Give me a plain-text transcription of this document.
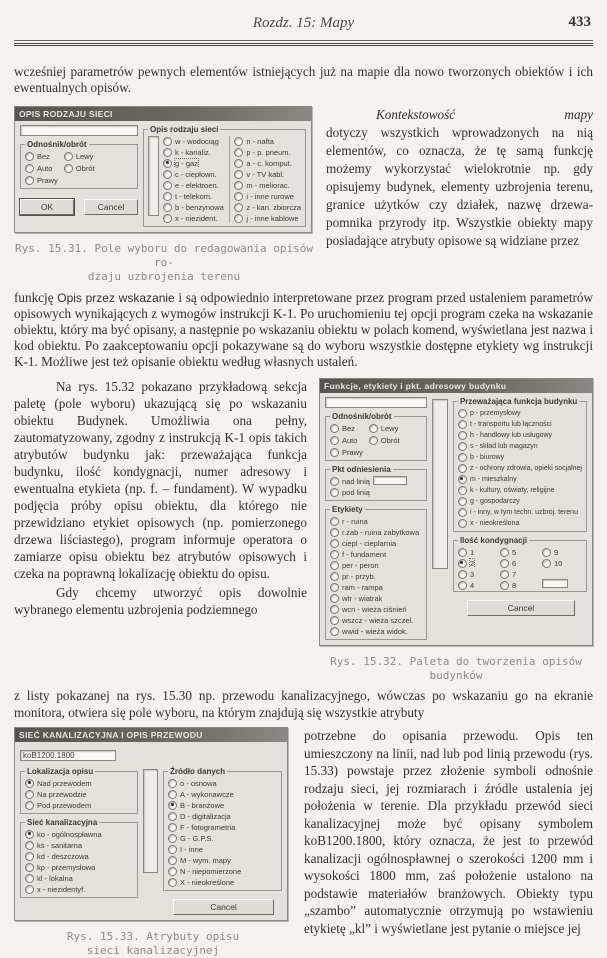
Rozdz. 15: Mapy	433

wcześniej parametrów pewnych elementów istniejących już na mapie dla nowo tworzonych obiektów i ich ewentualnych opisów.

OPIS RODZAJU SIECI
Odnośnik/obrót
Bez
Auto
Prawy
Lewy
Obrót
OK	Cancel
Opis rodzaju sieci
w - wodociąg
k - kanaliz.
g - gaz
c - ciepłown.
e - elektroen.
t - telekom.
b - benzynowa
x - niezident.
n - nafta
p - p. pneum.
a - c. komput.
v - TV kabl.
m - meliorac.
i - inne rurowe
z - kan. zbiorcza
j - inne kablowe
Rys. 15.31. Pole wyboru do redagowania opisów ro-
dzaju uzbrojenia terenu
Kontekstowość mapy dotyczy wszystkich wprowadzonych na nią elementów, co oznacza, że tę samą funkcję możemy wykorzystać wielokrotnie np. gdy opisujemy budynek, elementy uzbrojenia terenu, granice użytków czy działek, nazwę drzewa-pomnika przyrody itp. Wszystkie obiekty mapy posiadające atrybuty opisowe są widziane przez

funkcję Opis przez wskazanie i są odpowiednio interpretowane przez program przed ustaleniem parametrów opisowych wynikających z wymogów instrukcji K-1. Po uruchomieniu tej opcji program czeka na wskazanie obiektu, który ma być opisany, a następnie po wskazaniu obiektu w polach komend, wyświetlana jest nazwa i kod obiektu. Po zaakceptowaniu opcji pokazywane są do wyboru wszystkie dostępne etykiety wg instrukcji K-1. Możliwe jest też opisanie obiektu według własnych ustaleń.

Na rys. 15.32 pokazano przykładową sekcja paletę (pole wyboru) ukazującą się po wskazaniu obiektu Budynek. Umożliwia ona pełny, zautomatyzowany, zgodny z instrukcją K-1 opis takich atrybutów budynku jak: przeważająca funkcja budynku, ilość kondygnacji, numer adresowy i ewentualna etykieta (np. f. – fundament). W wypadku podjęcia próby opisu obiektu, dla którego nie przewidziano etykiet opisowych (np. pomierzonego drzewa liściastego), program informuje operatora o zamiarze opisu obiektu bez atrybutów opisowych i czeka na poprawną lokalizację obiektu do opisu.

Gdy chcemy utworzyć opis dowolnie wybranego elementu uzbrojenia podziemnego

Funkcje, etykiety i pkt. adresowy budynku
Odnośnik/obrót
Bez
Auto
Prawy
Lewy
Obrót
Pkt odniesienia
nad linią
pod linią
Etykiety
r - ruina
r.zab - ruina zabytkowa
ciepl - cieplarnia
f - fundament
per - peron
pr - przyb.
ram - rampa
wtr - wiatrak
wcn - wieża ciśnień
wszcz - wieża szczel.
wwid - wieża widok.
Przeważająca funkcja budynku
p - przemysłowy
t - transportu lub łączności
h - handlowy lub usługowy
s - skład lub magazyn
b - biurowy
z - ochrony zdrowia, opieki socjalnej
m - mieszkalny
k - kultury, oświaty, religijne
g - gospodarczy
i - inny, w tym techn. uzbroj. terenu
x - nieokreślona
Ilość kondygnacji
1
2
3
4
5
6
7
8
9
10
Cancel
Rys. 15.32. Paleta do tworzenia opisów
budynków

z listy pokazanej na rys. 15.30 np. przewodu kanalizacyjnego, wówczas po wskazaniu go na ekranie monitora, otwiera się pole wyboru, na którym znajdują się wszystkie atrybuty

SIEĆ KANALIZACYJNA I OPIS PRZEWODU
koB1200.1800
Lokalizacja opisu
Nad przewodem
Na przewodzie
Pod przewodem
Sieć kanalizacyjna
ko - ogólnospławna
ks - sanitarna
kd - deszczowa
kp - przemysłowa
kl - lokalna
x - niezidentyf.
Źródło danych
o - osnowa
A - wykonawcze
B - branżowe
D - digitalizacja
F - fotogrametria
G - G.P.S.
I - inne
M - wym. mapy
N - niepomierzone
X - nieokreślone
Cancel
Rys. 15.33. Atrybuty opisu
sieci kanalizacyjnej
potrzebne do opisania przewodu. Opis ten umieszczony na linii, nad lub pod linią przewodu (rys. 15.33) powstaje przez złożenie symboli odnośnie rodzaju sieci, jej rozmiarach i źródle ustalenia jej położenia w terenie. Dla przykładu przewód sieci kanalizacyjnej może być opisany symbolem koB1200.1800, który oznacza, że jest to przewód kanalizacji ogólnospławnej o szerokości 1200 mm i wysokości 1800 mm, zaś położenie ustalono na podstawie materiałów branżowych. Obiekty typu „szambo” automatycznie otrzymują po wstawieniu etykietę „kl” i wyświetlane jest pytanie o miejsce jej
